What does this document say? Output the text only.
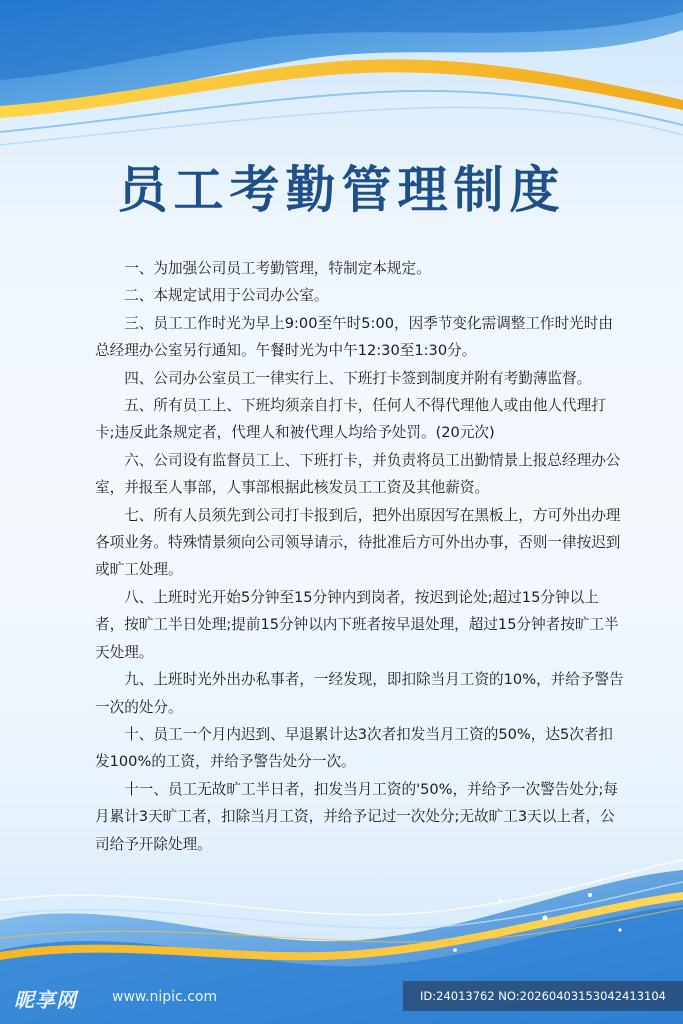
员工考勤管理制度

一、为加强公司员工考勤管理，特制定本规定。

二、本规定试用于公司办公室。

三、员工工作时光为早上9:00至午时5:00，因季节变化需调整工作时光时由总经理办公室另行通知。午餐时光为中午12:30至1:30分。

四、公司办公室员工一律实行上、下班打卡签到制度并附有考勤薄监督。

五、所有员工上、下班均须亲自打卡，任何人不得代理他人或由他人代理打卡;违反此条规定者，代理人和被代理人均给予处罚。(20元次)

六、公司设有监督员工上、下班打卡，并负责将员工出勤情景上报总经理办公室，并报至人事部，人事部根据此核发员工工资及其他薪资。

七、所有人员须先到公司打卡报到后，把外出原因写在黑板上，方可外出办理各项业务。特殊情景须向公司领导请示，待批准后方可外出办事，否则一律按迟到或旷工处理。

八、上班时光开始5分钟至15分钟内到岗者，按迟到论处;超过15分钟以上者，按旷工半日处理;提前15分钟以内下班者按早退处理，超过15分钟者按旷工半天处理。

九、上班时光外出办私事者，一经发现，即扣除当月工资的10%，并给予警告一次的处分。

十、员工一个月内迟到、早退累计达3次者扣发当月工资的50%，达5次者扣发100%的工资，并给予警告处分一次。

十一、员工无故旷工半日者，扣发当月工资的'50%，并给予一次警告处分;每月累计3天旷工者，扣除当月工资，并给予记过一次处分;无故旷工3天以上者，公司给予开除处理。

昵享网	www.nipic.com	ID:24013762 NO:20260403153042413104
